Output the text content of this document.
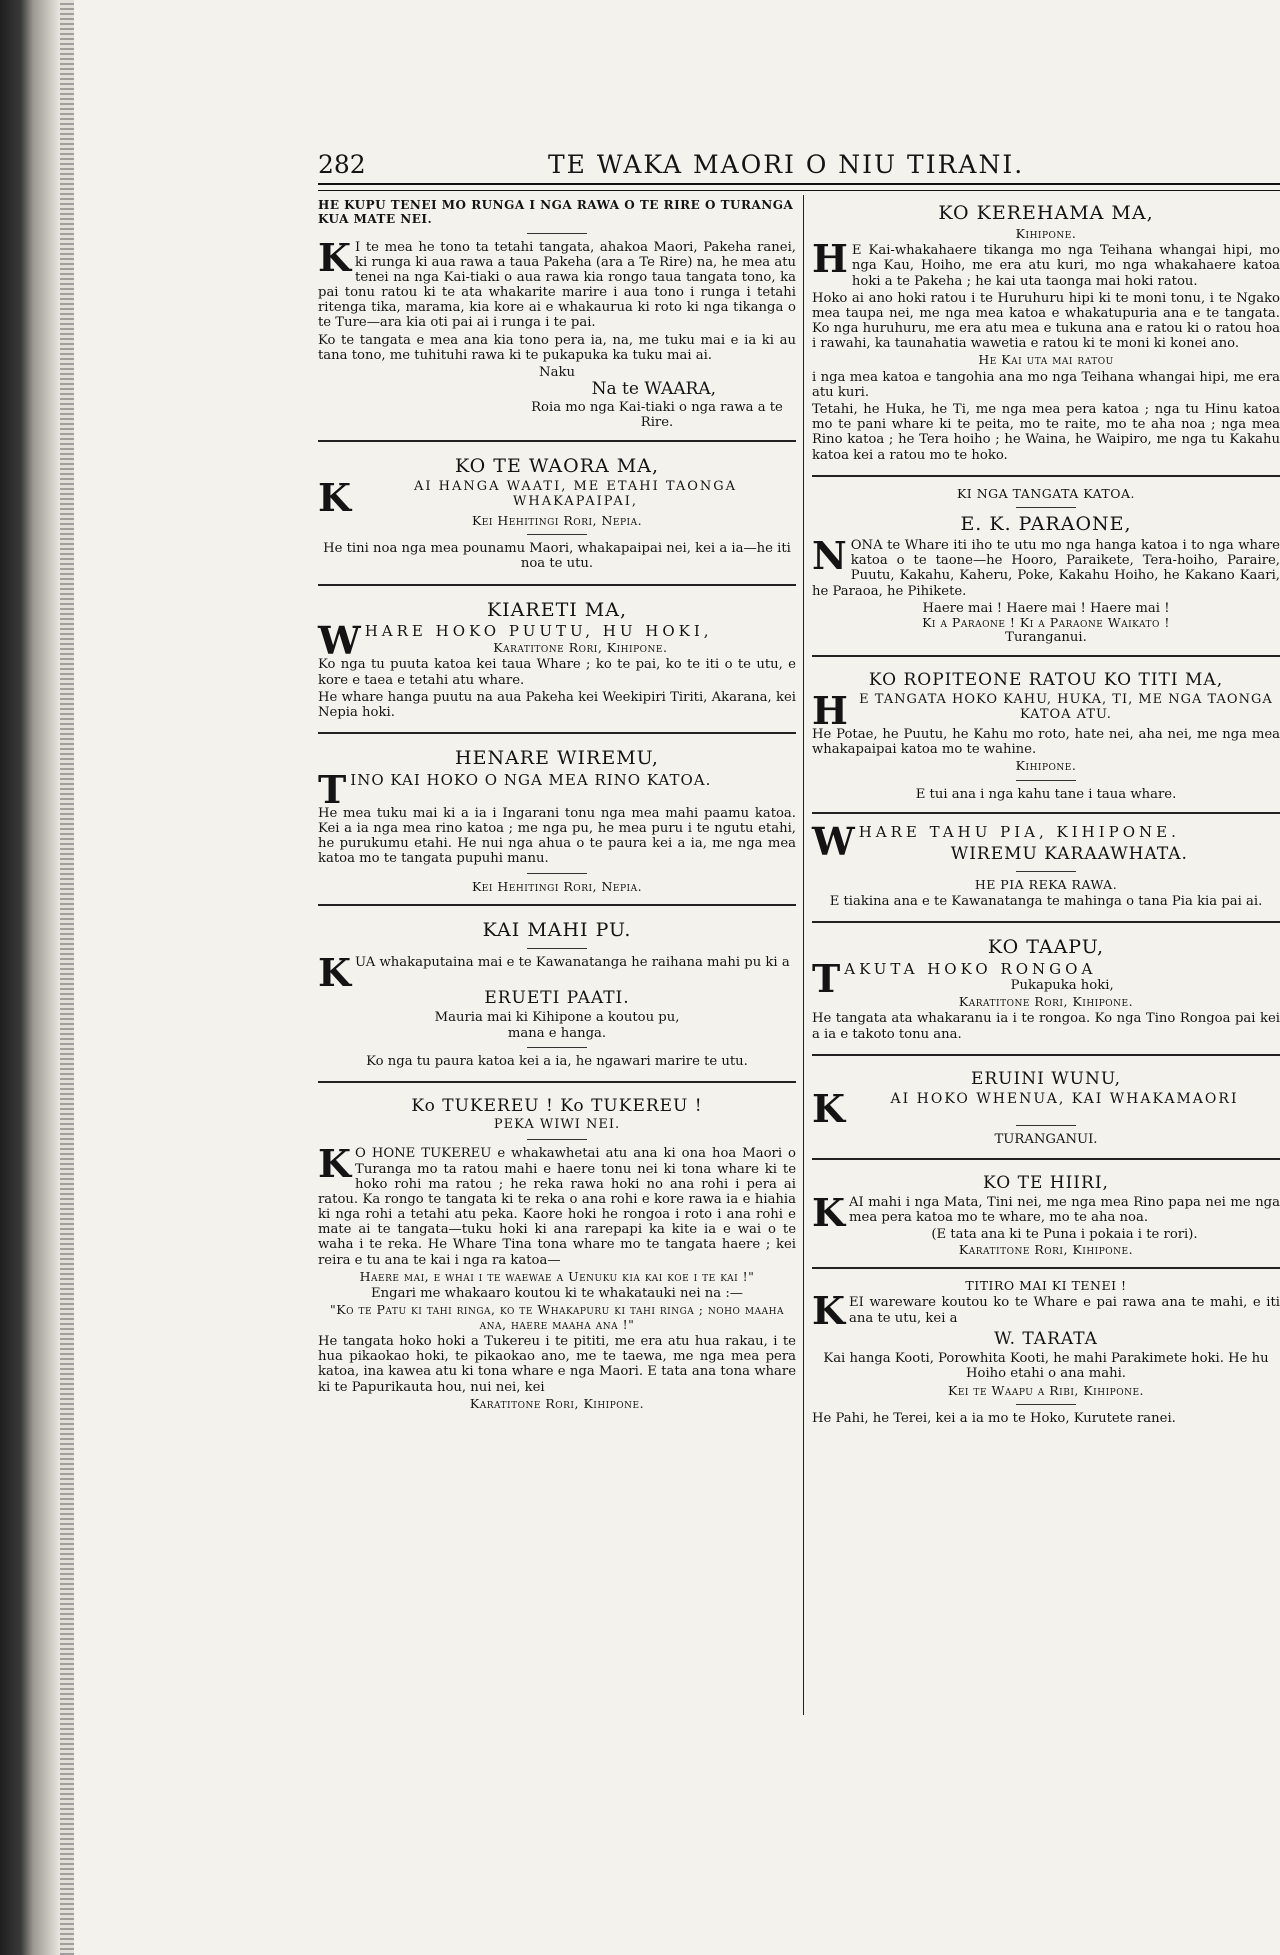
282	TE WAKA MAORI O NIU TIRANI.
HE KUPU TENEI MO RUNGA I NGA RAWA O TE RIRE O TURANGA KUA MATE NEI.
K I te mea he tono ta tetahi tangata, ahakoa Maori, Pakeha ranei, ki runga ki aua rawa a taua Pakeha (ara a Te Rire) na, he mea atu tenei na nga Kai-tiaki o aua rawa kia rongo taua tangata tono, ka pai tonu ratou ki te ata whakarite marire i aua tono i runga i tetahi ritenga tika, marama, kia kore ai e whakaurua ki roto ki nga tikanga o te Ture—ara kia oti pai ai i runga i te pai.

Ko te tangata e mea ana kia tono pera ia, na, me tuku mai e ia ki au tana tono, me tuhituhi rawa ki te pukapuka ka tuku mai ai.

Naku
Na te WAARA,
Roia mo nga Kai-tiaki o nga rawa a te Rire.
KO TE WAORA MA,
K	AI HANGA WAATI, ME ETAHI TAONGA WHAKAPAIPAI,
Kei Hehitingi Rori, Nepia.

He tini noa nga mea pounamu Maori, whakapaipai nei, kei a ia—he iti noa te utu.

KIARETI MA,
W HARE HOKO PUUTU, HU HOKI,
Karatitone Rori, Kihipone.

Ko nga tu puuta katoa kei taua Whare ; ko te pai, ko te iti o te utu, e kore e taea e tetahi atu whare.

He whare hanga puutu na aua Pakeha kei Weekipiri Tiriti, Akarana, kei Nepia hoki.

HENARE WIREMU,
T INO KAI HOKO O NGA MEA RINO KATOA.

He mea tuku mai ki a ia i Ingarani tonu nga mea mahi paamu katoa. Kei a ia nga mea rino katoa ; me nga pu, he mea puru i te ngutu etahi, he purukumu etahi. He nui nga ahua o te paura kei a ia, me nga mea katoa mo te tangata pupuhi manu.

Kei Hehitingi Rori, Nepia.
KAI MAHI PU.
K UA whakaputaina mai e te Kawanatanga he raihana mahi pu ki a

ERUETI PAATI.
Mauria mai ki Kihipone a koutou pu,
mana e hanga.

Ko nga tu paura katoa kei a ia, he ngawari marire te utu.

Ko TUKEREU ! Ko TUKEREU !
PEKA WIWI NEI.
K O HONE TUKEREU e whakawhetai atu ana ki ona hoa Maori o Turanga mo ta ratou mahi e haere tonu nei ki tona whare ki te hoko rohi ma ratou ; he reka rawa hoki no ana rohi i pera ai ratou. Ka rongo te tangata ki te reka o ana rohi e kore rawa ia e hiahia ki nga rohi a tetahi atu peka. Kaore hoki he rongoa i roto i ana rohi e mate ai te tangata—tuku hoki ki ana rarepapi ka kite ia e wai o te waha i te reka. He Whare Tina tona whare mo te tangata haere ; kei reira e tu ana te kai i nga ra katoa—

Haere mai, e whai i te waewae a Uenuku kia kai koe i te kai !"

Engari me whakaaro koutou ki te whakatauki nei na :—

"Ko te Patu ki tahi ringa, ko te Whakapuru ki tahi ringa ; noho maaha ana, haere maaha ana !"

He tangata hoko hoki a Tukereu i te pititi, me era atu hua rakau, i te hua pikaokao hoki, te pikaokao ano, me te taewa, me nga mea pera katoa, ina kawea atu ki tona whare e nga Maori. E tata ana tona whare ki te Papurikauta hou, nui nei, kei

Karatitone Rori, Kihipone.
KO KEREHAMA MA,
Kihipone.
H E Kai-whakahaere tikanga mo nga Teihana whangai hipi, mo nga Kau, Hoiho, me era atu kuri, mo nga whakahaere katoa hoki a te Pakeha ; he kai uta taonga mai hoki ratou.

Hoko ai ano hoki ratou i te Huruhuru hipi ki te moni tonu, i te Ngako mea taupa nei, me nga mea katoa e whakatupuria ana e te tangata. Ko nga huruhuru, me era atu mea e tukuna ana e ratou ki o ratou hoa i rawahi, ka taunahatia wawetia e ratou ki te moni ki konei ano.

He Kai uta mai ratou

i nga mea katoa e tangohia ana mo nga Teihana whangai hipi, me era atu kuri.

Tetahi, he Huka, he Ti, me nga mea pera katoa ; nga tu Hinu katoa mo te pani whare ki te peita, mo te raite, mo te aha noa ; nga mea Rino katoa ; he Tera hoiho ; he Waina, he Waipiro, me nga tu Kakahu katoa kei a ratou mo te hoko.

KI NGA TANGATA KATOA.
E. K. PARAONE,
N ONA te Whare iti iho te utu mo nga hanga katoa i to nga whare katoa o te taone—he Hooro, Paraikete, Tera-hoiho, Paraire, Puutu, Kakahu, Kaheru, Poke, Kakahu Hoiho, he Kakano Kaari, he Paraoa, he Pihikete.

Haere mai ! Haere mai ! Haere mai !
Ki a Paraone ! Ki a Paraone Waikato !
Turanganui.
KO ROPITEONE RATOU KO TITI MA,
H E TANGATA HOKO KAHU, HUKA, TI, ME NGA TAONGA KATOA ATU.

He Potae, he Puutu, he Kahu mo roto, hate nei, aha nei, me nga mea whakapaipai katoa mo te wahine.

Kihipone.
E tui ana i nga kahu tane i taua whare.
W HARE TAHU PIA, KIHIPONE.
WIREMU KARAAWHATA.
HE PIA REKA RAWA.

E tiakina ana e te Kawanatanga te mahinga o tana Pia kia pai ai.

KO TAAPU,
T AKUTA HOKO RONGOA
Pukapuka hoki,
Karatitone Rori, Kihipone.

He tangata ata whakaranu ia i te rongoa. Ko nga Tino Rongoa pai kei a ia e takoto tonu ana.

ERUINI WUNU,
K	AI HOKO WHENUA, KAI WHAKAMAORI
TURANGANUI.
KO TE HIIRI,
K AI mahi i nga Mata, Tini nei, me nga mea Rino papa nei me nga mea pera katoa mo te whare, mo te aha noa.

(E tata ana ki te Puna i pokaia i te rori).
Karatitone Rori, Kihipone.
TITIRO MAI KI TENEI !
K EI wareware koutou ko te Whare e pai rawa ana te mahi, e iti ana te utu, kei a

W. TARATA

Kai hanga Kooti, Porowhita Kooti, he mahi Parakimete hoki. He hu Hoiho etahi o ana mahi.

Kei te Waapu a Ribi, Kihipone.

He Pahi, he Terei, kei a ia mo te Hoko, Kurutete ranei.
